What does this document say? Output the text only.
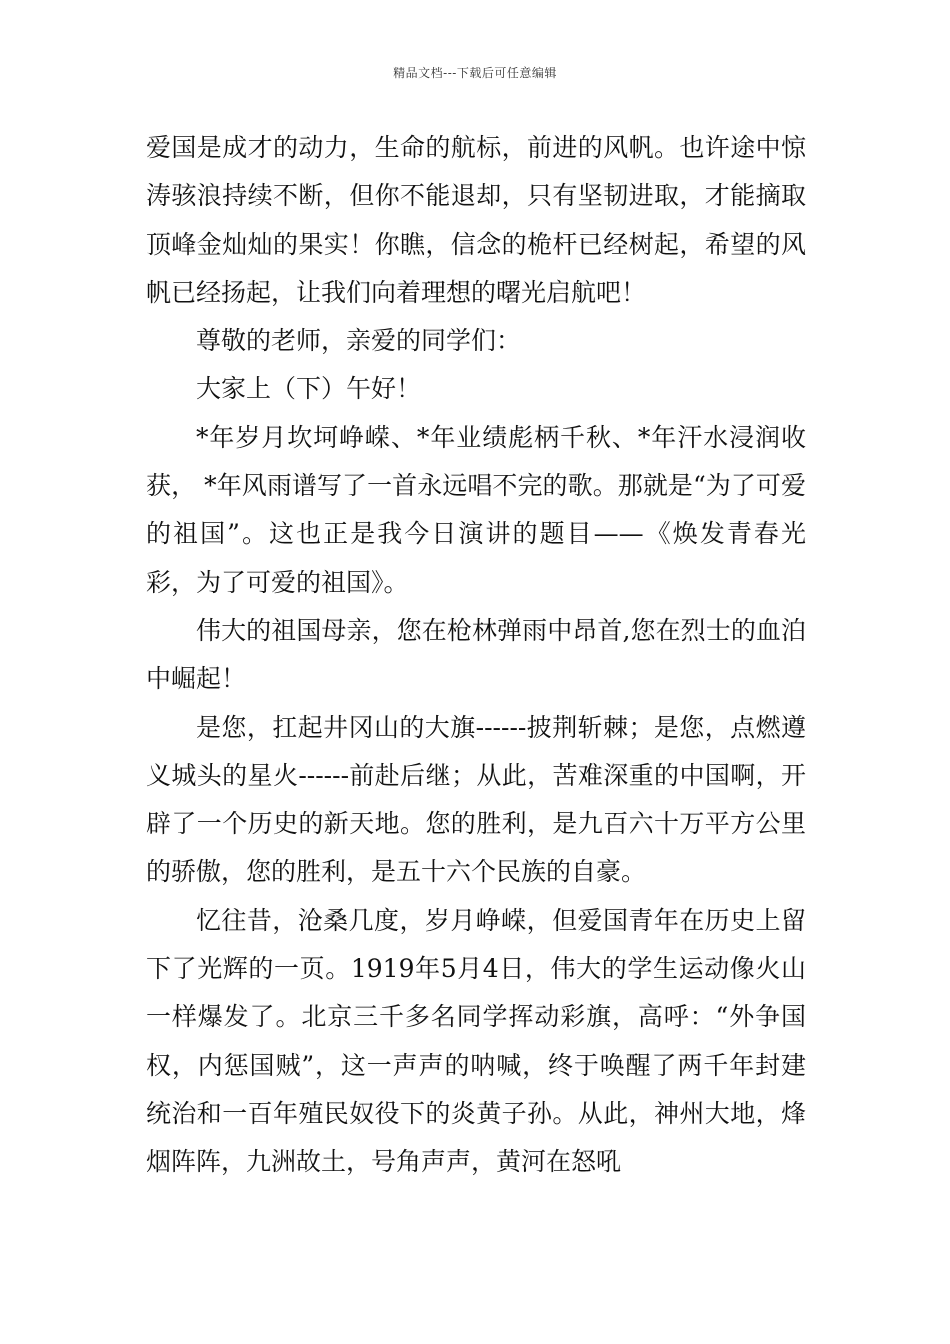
精品文档---下载后可任意编辑

爱国是成才的动力，生命的航标，前进的风帆。也许途中惊涛骇浪持续不断，但你不能退却，只有坚韧进取，才能摘取顶峰金灿灿的果实！你瞧，信念的桅杆已经树起，希望的风帆已经扬起，让我们向着理想的曙光启航吧！

尊敬的老师，亲爱的同学们：

大家上（下）午好！

*年岁月坎坷峥嵘、*年业绩彪柄千秋、*年汗水浸润收获， *年风雨谱写了一首永远唱不完的歌。那就是“为了可爱的祖国”。这也正是我今日演讲的题目——《焕发青春光彩，为了可爱的祖国》。

伟大的祖国母亲，您在枪林弹雨中昂首,您在烈士的血泊中崛起！

是您，扛起井冈山的大旗------披荆斩棘；是您，点燃遵义城头的星火------前赴后继；从此，苦难深重的中国啊，开辟了一个历史的新天地。您的胜利，是九百六十万平方公里的骄傲，您的胜利，是五十六个民族的自豪。

忆往昔，沧桑几度，岁月峥嵘，但爱国青年在历史上留下了光辉的一页。1919年5月4日，伟大的学生运动像火山一样爆发了。北京三千多名同学挥动彩旗，高呼：“外争国权，内惩国贼”，这一声声的呐喊，终于唤醒了两千年封建统治和一百年殖民奴役下的炎黄子孙。从此，神州大地，烽烟阵阵，九洲故土，号角声声，黄河在怒吼
